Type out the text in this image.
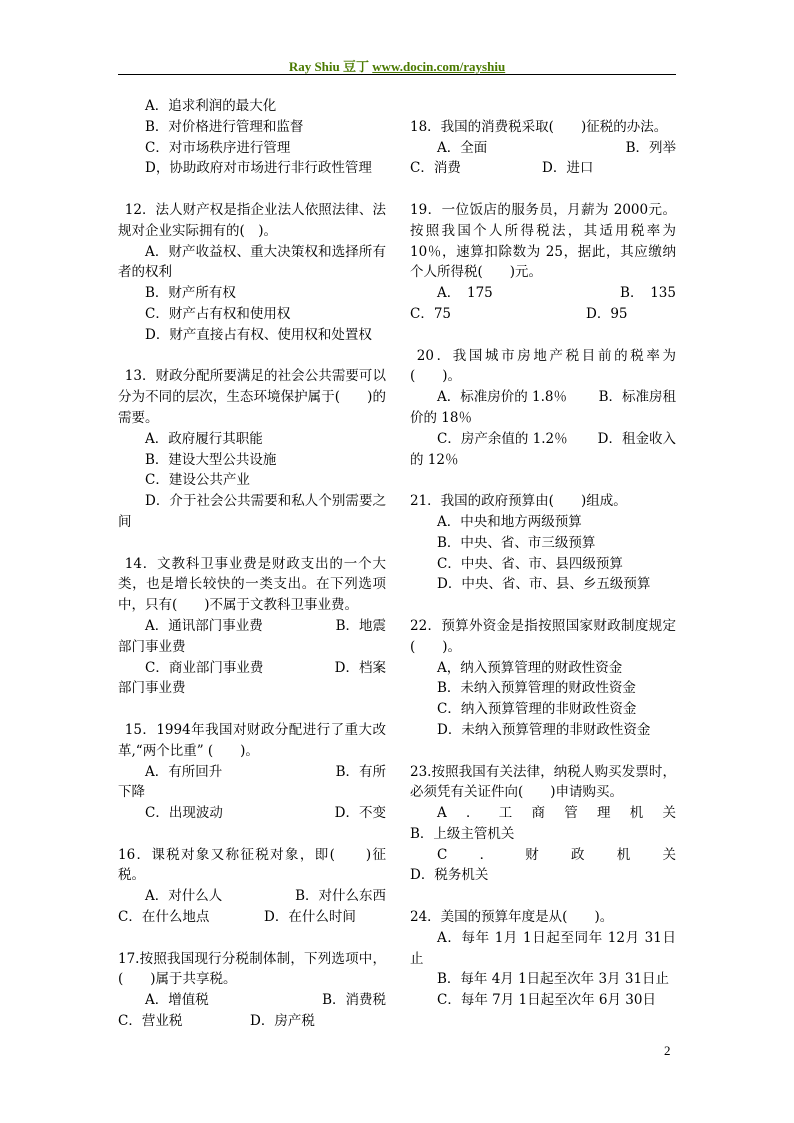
Ray Shiu 豆丁 www.docin.com/rayshiu

A．追求利润的最大化

B．对价格进行管理和监督

C．对市场秩序进行管理

D，协助政府对市场进行非行政性管理

12．法人财产权是指企业法人依照法律、法规对企业实际拥有的(　)。

A．财产收益权、重大决策权和选择所有者的权利

B．财产所有权

C．财产占有权和使用权

D．财产直接占有权、使用权和处置权

13．财政分配所要满足的社会公共需要可以分为不同的层次，生态环境保护属于(　　)的需要。

A．政府履行其职能

B．建设大型公共设施

C．建设公共产业

D．介于社会公共需要和私人个别需要之间

14．文教科卫事业费是财政支出的一个大类，也是增长较快的一类支出。在下列选项中，只有(　　)不属于文教科卫事业费。

A．通讯部门事业费	B．地震

部门事业费

C．商业部门事业费	D．档案

部门事业费

15．1994年我国对财政分配进行了重大改革,“两个比重” (　　)。

A．有所回升	B．有所

下降

C．出现波动	D．不变

16．课税对象又称征税对象，即(　　)征税。

A．对什么人	B．对什么东西
C．在什么地点	D．在什么时间

17.按照我国现行分税制体制，下列选项中，(　　)属于共享税。

A．增值税	B．消费税
C．营业税	D．房产税

18．我国的消费税采取(　　)征税的办法。

A．全面	B．列举
C．消费	D．进口

19．一位饭店的服务员，月薪为 2000元。按照我国个人所得税法，其适用税率为 10％，速算扣除数为 25，据此，其应缴纳个人所得税(　　)元。

A．　175	B．　135
C．75	D．95

20．我国城市房地产税目前的税率为(　　)。

A．标准房价的 1.8％ B．标准房租

价的 18％

C．房产余值的 1.2％ D．租金收入

的 12％

21．我国的政府预算由(　　)组成。

A．中央和地方两级预算

B．中央、省、市三级预算

C．中央、省、市、县四级预算

D．中央、省、市、县、乡五级预算

22．预算外资金是指按照国家财政制度规定(　　)。

A，纳入预算管理的财政性资金

B．未纳入预算管理的财政性资金

C．纳入预算管理的非财政性资金

D．未纳入预算管理的非财政性资金

23.按照我国有关法律，纳税人购买发票时，必须凭有关证件向(　　)申请购买。

A ． 工 商 管 理 机 关

B．上级主管机关

C ． 财 政 机 关

D．税务机关

24．美国的预算年度是从(　　)。

A．每年 1月 1日起至同年 12月 31日止

B．每年 4月 1日起至次年 3月 31日止

C．每年 7月 1日起至次年 6月 30日

2
